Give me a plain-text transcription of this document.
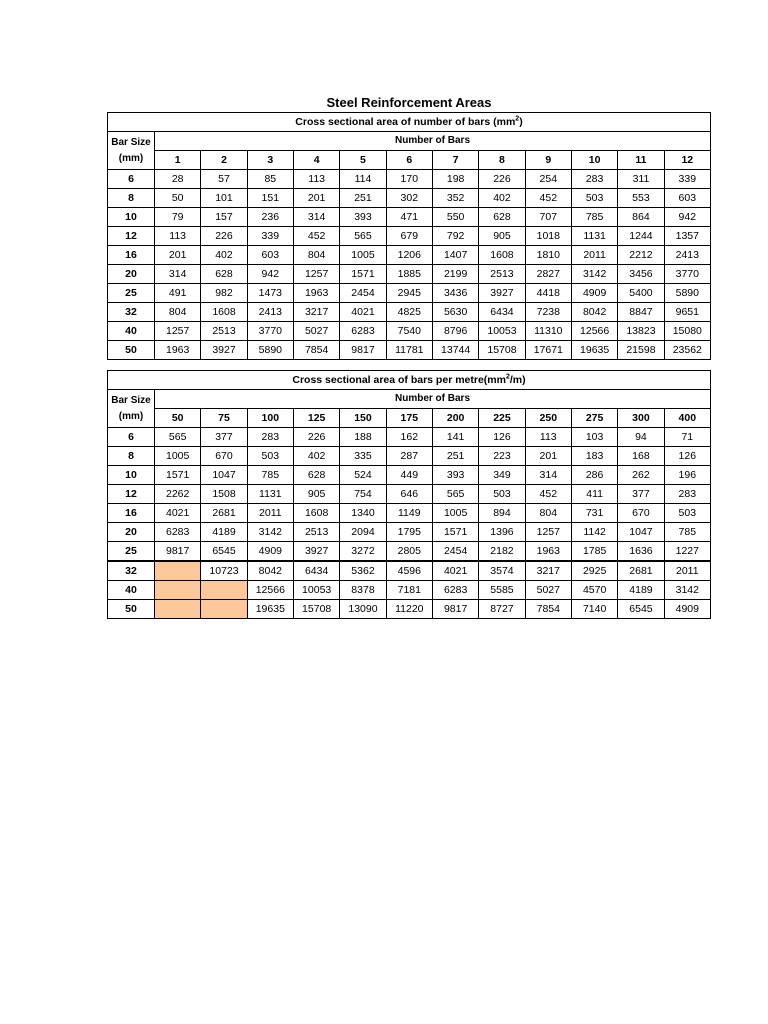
Steel Reinforcement Areas
Cross sectional area of number of bars $(mm^2)$												

Bar Size
(mm)	Number of Bars											
	1	2	3	4	5	6	7	8	9	10	11	12
6	28	57	85	113	114	170	198	226	254	283	311	339
8	50	101	151	201	251	302	352	402	452	503	553	603
10	79	157	236	314	393	471	550	628	707	785	864	942
12	113	226	339	452	565	679	792	905	1018	1131	1244	1357
16	201	402	603	804	1005	1206	1407	1608	1810	2011	2212	2413
20	314	628	942	1257	1571	1885	2199	2513	2827	3142	3456	3770
25	491	982	1473	1963	2454	2945	3436	3927	4418	4909	5400	5890
32	804	1608	2413	3217	4021	4825	5630	6434	7238	8042	8847	9651
40	1257	2513	3770	5027	6283	7540	8796	10053	11310	12566	13823	15080
50	1963	3927	5890	7854	9817	11781	13744	15708	17671	19635	21598	23562
Cross sectional area of bars per $metre(mm^2/m)$												

Bar Size
(mm)	Number of Bars											
	50	75	100	125	150	175	200	225	250	275	300	400
6	565	377	283	226	188	162	141	126	113	103	94	71
8	1005	670	503	402	335	287	251	223	201	183	168	126
10	1571	1047	785	628	524	449	393	349	314	286	262	196
12	2262	1508	1131	905	754	646	565	503	452	411	377	283
16	4021	2681	2011	1608	1340	1149	1005	894	804	731	670	503
20	6283	4189	3142	2513	2094	1795	1571	1396	1257	1142	1047	785
25	9817	6545	4909	3927	3272	2805	2454	2182	1963	1785	1636	1227
32		10723	8042	6434	5362	4596	4021	3574	3217	2925	2681	2011
40			12566	10053	8378	7181	6283	5585	5027	4570	4189	3142
50			19635	15708	13090	11220	9817	8727	7854	7140	6545	4909
